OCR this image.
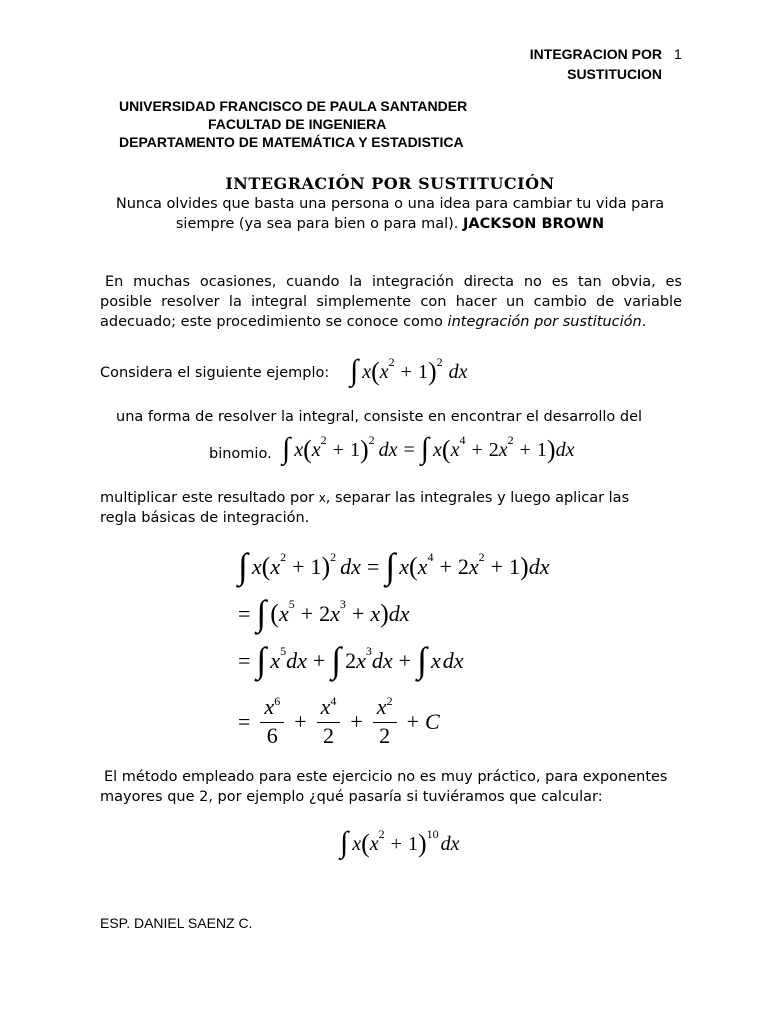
INTEGRACION POR
SUSTITUCION
1
UNIVERSIDAD FRANCISCO DE PAULA SANTANDER
FACULTAD DE INGENIERA
DEPARTAMENTO DE MATEMÁTICA Y ESTADISTICA
INTEGRACIÓN POR SUSTITUCIÓN
Nunca olvides que basta una persona o una idea para cambiar tu vida para
siempre (ya sea para bien o para mal). JACKSON BROWN
En muchas ocasiones, cuando la integración directa no es tan obvia, es
posible resolver la integral simplemente con hacer un cambio de variable
adecuado; este procedimiento se conoce como integración por sustitución.
Considera el siguiente ejemplo: ∫ x ( x 2 + 1 ) 2 dx
una forma de resolver la integral, consiste en encontrar el desarrollo del
binomio. ∫ x ( x 2 + 1 ) 2 dx = ∫ x ( x 4 + 2 x 2 + 1 ) dx
multiplicar este resultado por x, separar las integrales y luego aplicar las
regla básicas de integración.
∫ x ( x 2 + 1 ) 2 dx = ∫ x ( x 4 + 2 x 2 + 1 ) dx
= ∫ ( x 5 + 2 x 3 + x ) dx
= ∫ x 5 dx + ∫ 2 x 3 dx + ∫ x dx
= $\frac{x^6}{6} + \frac{x^4}{2} + \frac{x^2}{2} + C$
El método empleado para este ejercicio no es muy práctico, para exponentes
mayores que 2, por ejemplo ¿qué pasaría si tuviéramos que calcular:
∫ x ( x 2 + 1 ) 10 dx
ESP. DANIEL SAENZ C.
